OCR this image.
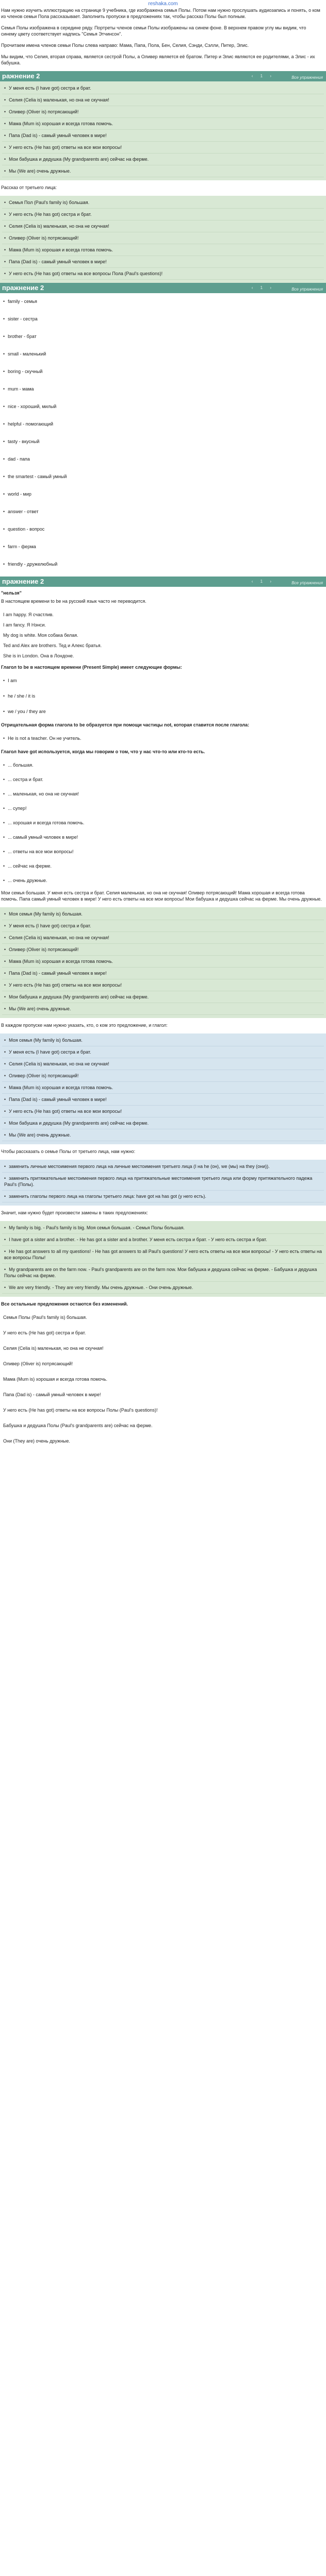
reshaka.com

Нам нужно изучить иллюстрацию на странице 9 учебника, где изображена семья Полы. Потом нам нужно прослушать аудиозапись и понять, о ком из членов семьи Пола рассказывает. Заполнить пропуски в предложениях так, чтобы рассказ Полы был полным.

Семья Полы изображена в середине ряду. Портреты членов семьи Полы изображены на синем фоне. В верхнем правом углу мы видим, что синему цвету соответствует надпись "Семья Этчинсон".

Прочитаем имена членов семьи Полы слева направо: Мама, Папа, Пола, Бен, Селия, Сэнди, Сэлли, Питер, Элис.

Мы видим, что Селия, вторая справа, является сестрой Полы, а Оливер является её братом. Питер и Элис являются ее родителями, а Элис - их бабушка.

ражнение 2	‹ 1 ›	Все упражнения
• У меня есть (I have got) сестра и брат.
• Селия (Celia is) маленькая, но она не скучная!
• Оливер (Oliver is) потрясающий!
• Мама (Mum is) хорошая и всегда готова помочь.
• Папа (Dad is) - самый умный человек в мире!
• У него есть (He has got) ответы на все мои вопросы!
• Мои бабушка и дедушка (My grandparents are) сейчас на ферме.
• Мы (We are) очень дружные.

Рассказ от третьего лица:

• Семья Пол (Paul's family is) большая.
• У него есть (He has got) сестра и брат.
• Селия (Celia is) маленькая, но она не скучная!
• Оливер (Oliver is) потрясающий!
• Мама (Mum is) хорошая и всегда готова помочь.
• Папа (Dad is) - самый умный человек в мире!
• У него есть (He has got) ответы на все вопросы Пола (Paul's questions)!
пражнение 2	‹ 1 ›	Все упражнения
• family - семья
• sister - сестра
• brother - брат
• small - маленький
• boring - скучный
• mum - мама
• nice - хороший, милый
• helpful - помогающий
• tasty - вкусный
• dad - папа
• the smartest - самый умный
• world - мир
• answer - ответ
• question - вопрос
• farm - ферма
• friendly - дружелюбный
пражнение 2	‹ 1 ›	Все упражнения

"нельзя"

В настоящем времени to be на русский язык часто не переводится.

I am happy. Я счастлив.
I am fancy. Я Нэнси.
My dog is white. Моя собака белая.
Ted and Alex are brothers. Тед и Алекс братья.
She is in London. Она в Лондоне.

Глагол to be в настоящем времени (Present Simple) имеет следующие формы:

• I am
• he / she / it is
• we / you / they are

Отрицательная форма глагола to be образуется при помощи частицы not, которая ставится после глагола:

• He is not a teacher. Он не учитель.

Глагол have got используется, когда мы говорим о том, что у нас что-то или кто-то есть.

• ... большая.
• ... сестра и брат.
• ... маленькая, но она не скучная!
• ... супер!
• ... хорошая и всегда готова помочь.
• ... самый умный человек в мире!
• ... ответы на все мои вопросы!
• ... сейчас на ферме.
• ... очень дружные.

Мои семья большая. У меня есть сестра и брат. Селия маленькая, но она не скучная! Оливер потрясающий! Мама хорошая и всегда готова помочь. Папа самый умный человек в мире! У него есть ответы на все мои вопросы! Мои бабушка и дедушка сейчас на ферме. Мы очень дружные.

• Моя семья (My family is) большая.
• У меня есть (I have got) сестра и брат.
• Селия (Celia is) маленькая, но она не скучная!
• Оливер (Oliver is) потрясающий!
• Мама (Mum is) хорошая и всегда готова помочь.
• Папа (Dad is) - самый умный человек в мире!
• У него есть (He has got) ответы на все мои вопросы!
• Мои бабушка и дедушка (My grandparents are) сейчас на ферме.
• Мы (We are) очень дружные.

В каждом пропуске нам нужно указать, кто, о ком это предложение, и глагол:

• Моя семья (My family is) большая.
• У меня есть (I have got) сестра и брат.
• Селия (Celia is) маленькая, но она не скучная!
• Оливер (Oliver is) потрясающий!
• Мама (Mum is) хорошая и всегда готова помочь.
• Папа (Dad is) - самый умный человек в мире!
• У него есть (He has got) ответы на все мои вопросы!
• Мои бабушка и дедушка (My grandparents are) сейчас на ферме.
• Мы (We are) очень дружные.

Чтобы рассказать о семье Полы от третьего лица, нам нужно:

• заменить личные местоимения первого лица на личные местоимения третьего лица (I на he (он), we (мы) на they (они)).
• заменить притяжательные местоимения первого лица на притяжательные местоимения третьего лица или форму притяжательного падежа Paul's (Полы).
• заменить глаголы первого лица на глаголы третьего лица: have got на has got (у него есть).

Значит, нам нужно будет произвести замены в таких предложениях:

• My family is big. - Paul's family is big. Моя семья большая. - Семья Полы большая.
• I have got a sister and a brother. - He has got a sister and a brother. У меня есть сестра и брат. - У него есть сестра и брат.
• He has got answers to all my questions! - He has got answers to all Paul's questions! У него есть ответы на все мои вопросы! - У него есть ответы на все вопросы Полы!
• My grandparents are on the farm now. - Paul's grandparents are on the farm now. Мои бабушка и дедушка сейчас на ферме. - Бабушка и дедушка Полы сейчас на ферме.
• We are very friendly. - They are very friendly. Мы очень дружные. - Они очень дружные.

Все остальные предложения остаются без изменений.

Семья Полы (Paul's family is) большая.
У него есть (He has got) сестра и брат.
Селия (Celia is) маленькая, но она не скучная!
Оливер (Oliver is) потрясающий!
Мама (Mum is) хорошая и всегда готова помочь.
Папа (Dad is) - самый умный человек в мире!
У него есть (He has got) ответы на все вопросы Полы (Paul's questions)!
Бабушка и дедушка Полы (Paul's grandparents are) сейчас на ферме.
Они (They are) очень дружные.
